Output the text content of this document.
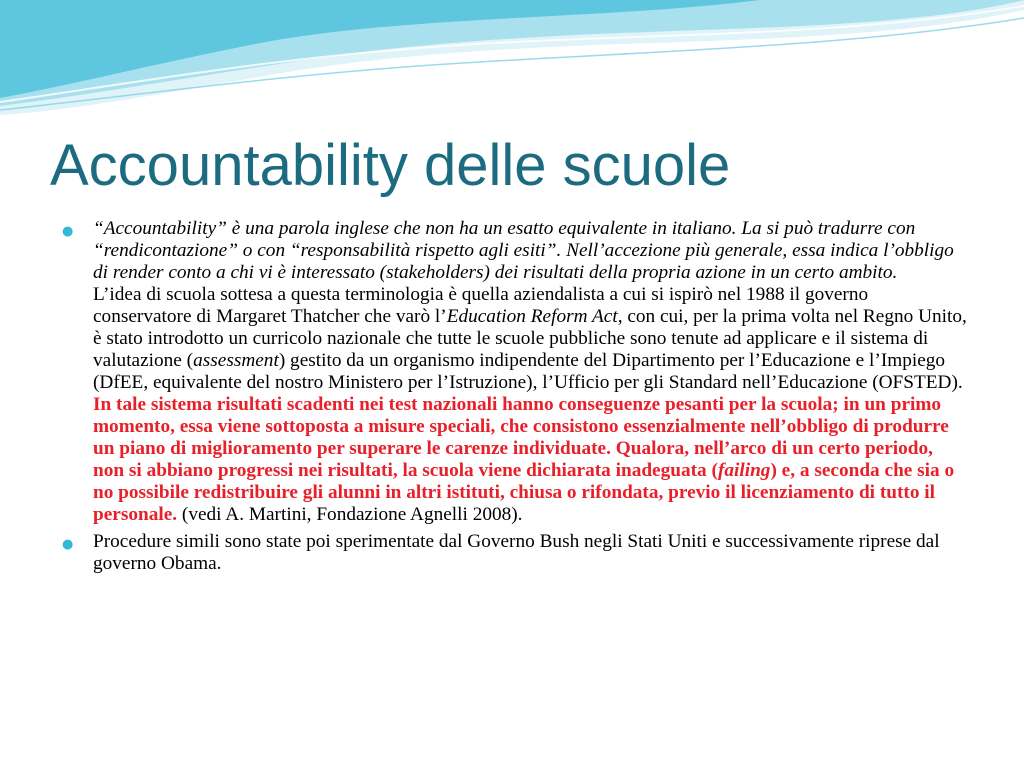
Accountability delle scuole
● “Accountability” è una parola inglese che non ha un esatto equivalente in italiano. La si può tradurre con “rendicontazione” o con “responsabilità rispetto agli esiti”. Nell’accezione più generale, essa indica l’obbligo di render conto a chi vi è interessato (stakeholders) dei risultati della propria azione in un certo ambito.
L’idea di scuola sottesa a questa terminologia è quella aziendalista a cui si ispirò nel 1988 il governo conservatore di Margaret Thatcher che varò l’Education Reform Act, con cui, per la prima volta nel Regno Unito, è stato introdotto un curricolo nazionale che tutte le scuole pubbliche sono tenute ad applicare e il sistema di valutazione (assessment) gestito da un organismo indipendente del Dipartimento per l’Educazione e l’Impiego (DfEE, equivalente del nostro Ministero per l’Istruzione), l’Ufficio per gli Standard nell’Educazione (OFSTED).
In tale sistema risultati scadenti nei test nazionali hanno conseguenze pesanti per la scuola; in un primo momento, essa viene sottoposta a misure speciali, che consistono essenzialmente nell’obbligo di produrre un piano di miglioramento per superare le carenze individuate. Qualora, nell’arco di un certo periodo, non si abbiano progressi nei risultati, la scuola viene dichiarata inadeguata (failing) e, a seconda che sia o no possibile redistribuire gli alunni in altri istituti, chiusa o rifondata, previo il licenziamento di tutto il personale. (vedi A. Martini, Fondazione Agnelli 2008).
● Procedure simili sono state poi sperimentate dal Governo Bush negli Stati Uniti e successivamente riprese dal governo Obama.
